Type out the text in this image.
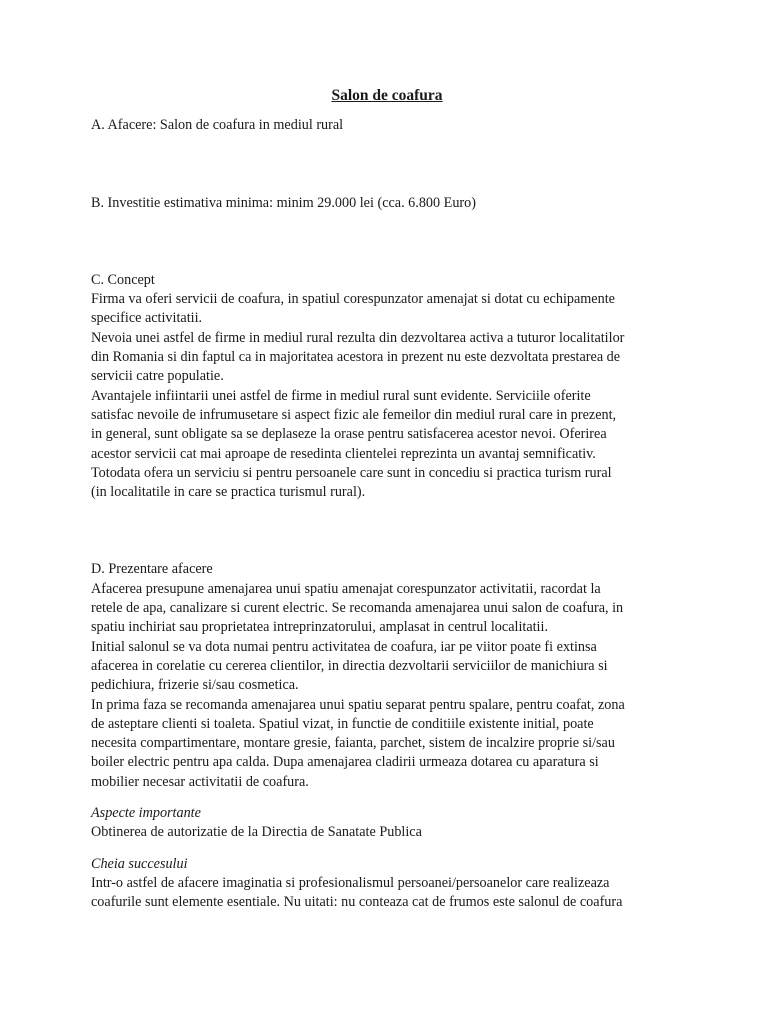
Salon de coafura
A. Afacere: Salon de coafura in mediul rural
B. Investitie estimativa minima: minim 29.000 lei (cca. 6.800 Euro)
C. Concept
Firma va oferi servicii de coafura, in spatiul corespunzator amenajat si dotat cu echipamente
specifice activitatii.
Nevoia unei astfel de firme in mediul rural rezulta din dezvoltarea activa a tuturor localitatilor
din Romania si din faptul ca in majoritatea acestora in prezent nu este dezvoltata prestarea de
servicii catre populatie.
Avantajele infiintarii unei astfel de firme in mediul rural sunt evidente. Serviciile oferite
satisfac nevoile de infrumusetare si aspect fizic ale femeilor din mediul rural care in prezent,
in general, sunt obligate sa se deplaseze la orase pentru satisfacerea acestor nevoi. Oferirea
acestor servicii cat mai aproape de resedinta clientelei reprezinta un avantaj semnificativ.
Totodata ofera un serviciu si pentru persoanele care sunt in concediu si practica turism rural
(in localitatile in care se practica turismul rural).
D. Prezentare afacere
Afacerea presupune amenajarea unui spatiu amenajat corespunzator activitatii, racordat la
retele de apa, canalizare si curent electric. Se recomanda amenajarea unui salon de coafura, in
spatiu inchiriat sau proprietatea intreprinzatorului, amplasat in centrul localitatii.
Initial salonul se va dota numai pentru activitatea de coafura, iar pe viitor poate fi extinsa
afacerea in corelatie cu cererea clientilor, in directia dezvoltarii serviciilor de manichiura si
pedichiura, frizerie si/sau cosmetica.
In prima faza se recomanda amenajarea unui spatiu separat pentru spalare, pentru coafat, zona
de asteptare clienti si toaleta. Spatiul vizat, in functie de conditiile existente initial, poate
necesita compartimentare, montare gresie, faianta, parchet, sistem de incalzire proprie si/sau
boiler electric pentru apa calda. Dupa amenajarea cladirii urmeaza dotarea cu aparatura si
mobilier necesar activitatii de coafura.
Aspecte importante
Obtinerea de autorizatie de la Directia de Sanatate Publica
Cheia succesului
Intr-o astfel de afacere imaginatia si profesionalismul persoanei/persoanelor care realizeaza
coafurile sunt elemente esentiale. Nu uitati: nu conteaza cat de frumos este salonul de coafura
